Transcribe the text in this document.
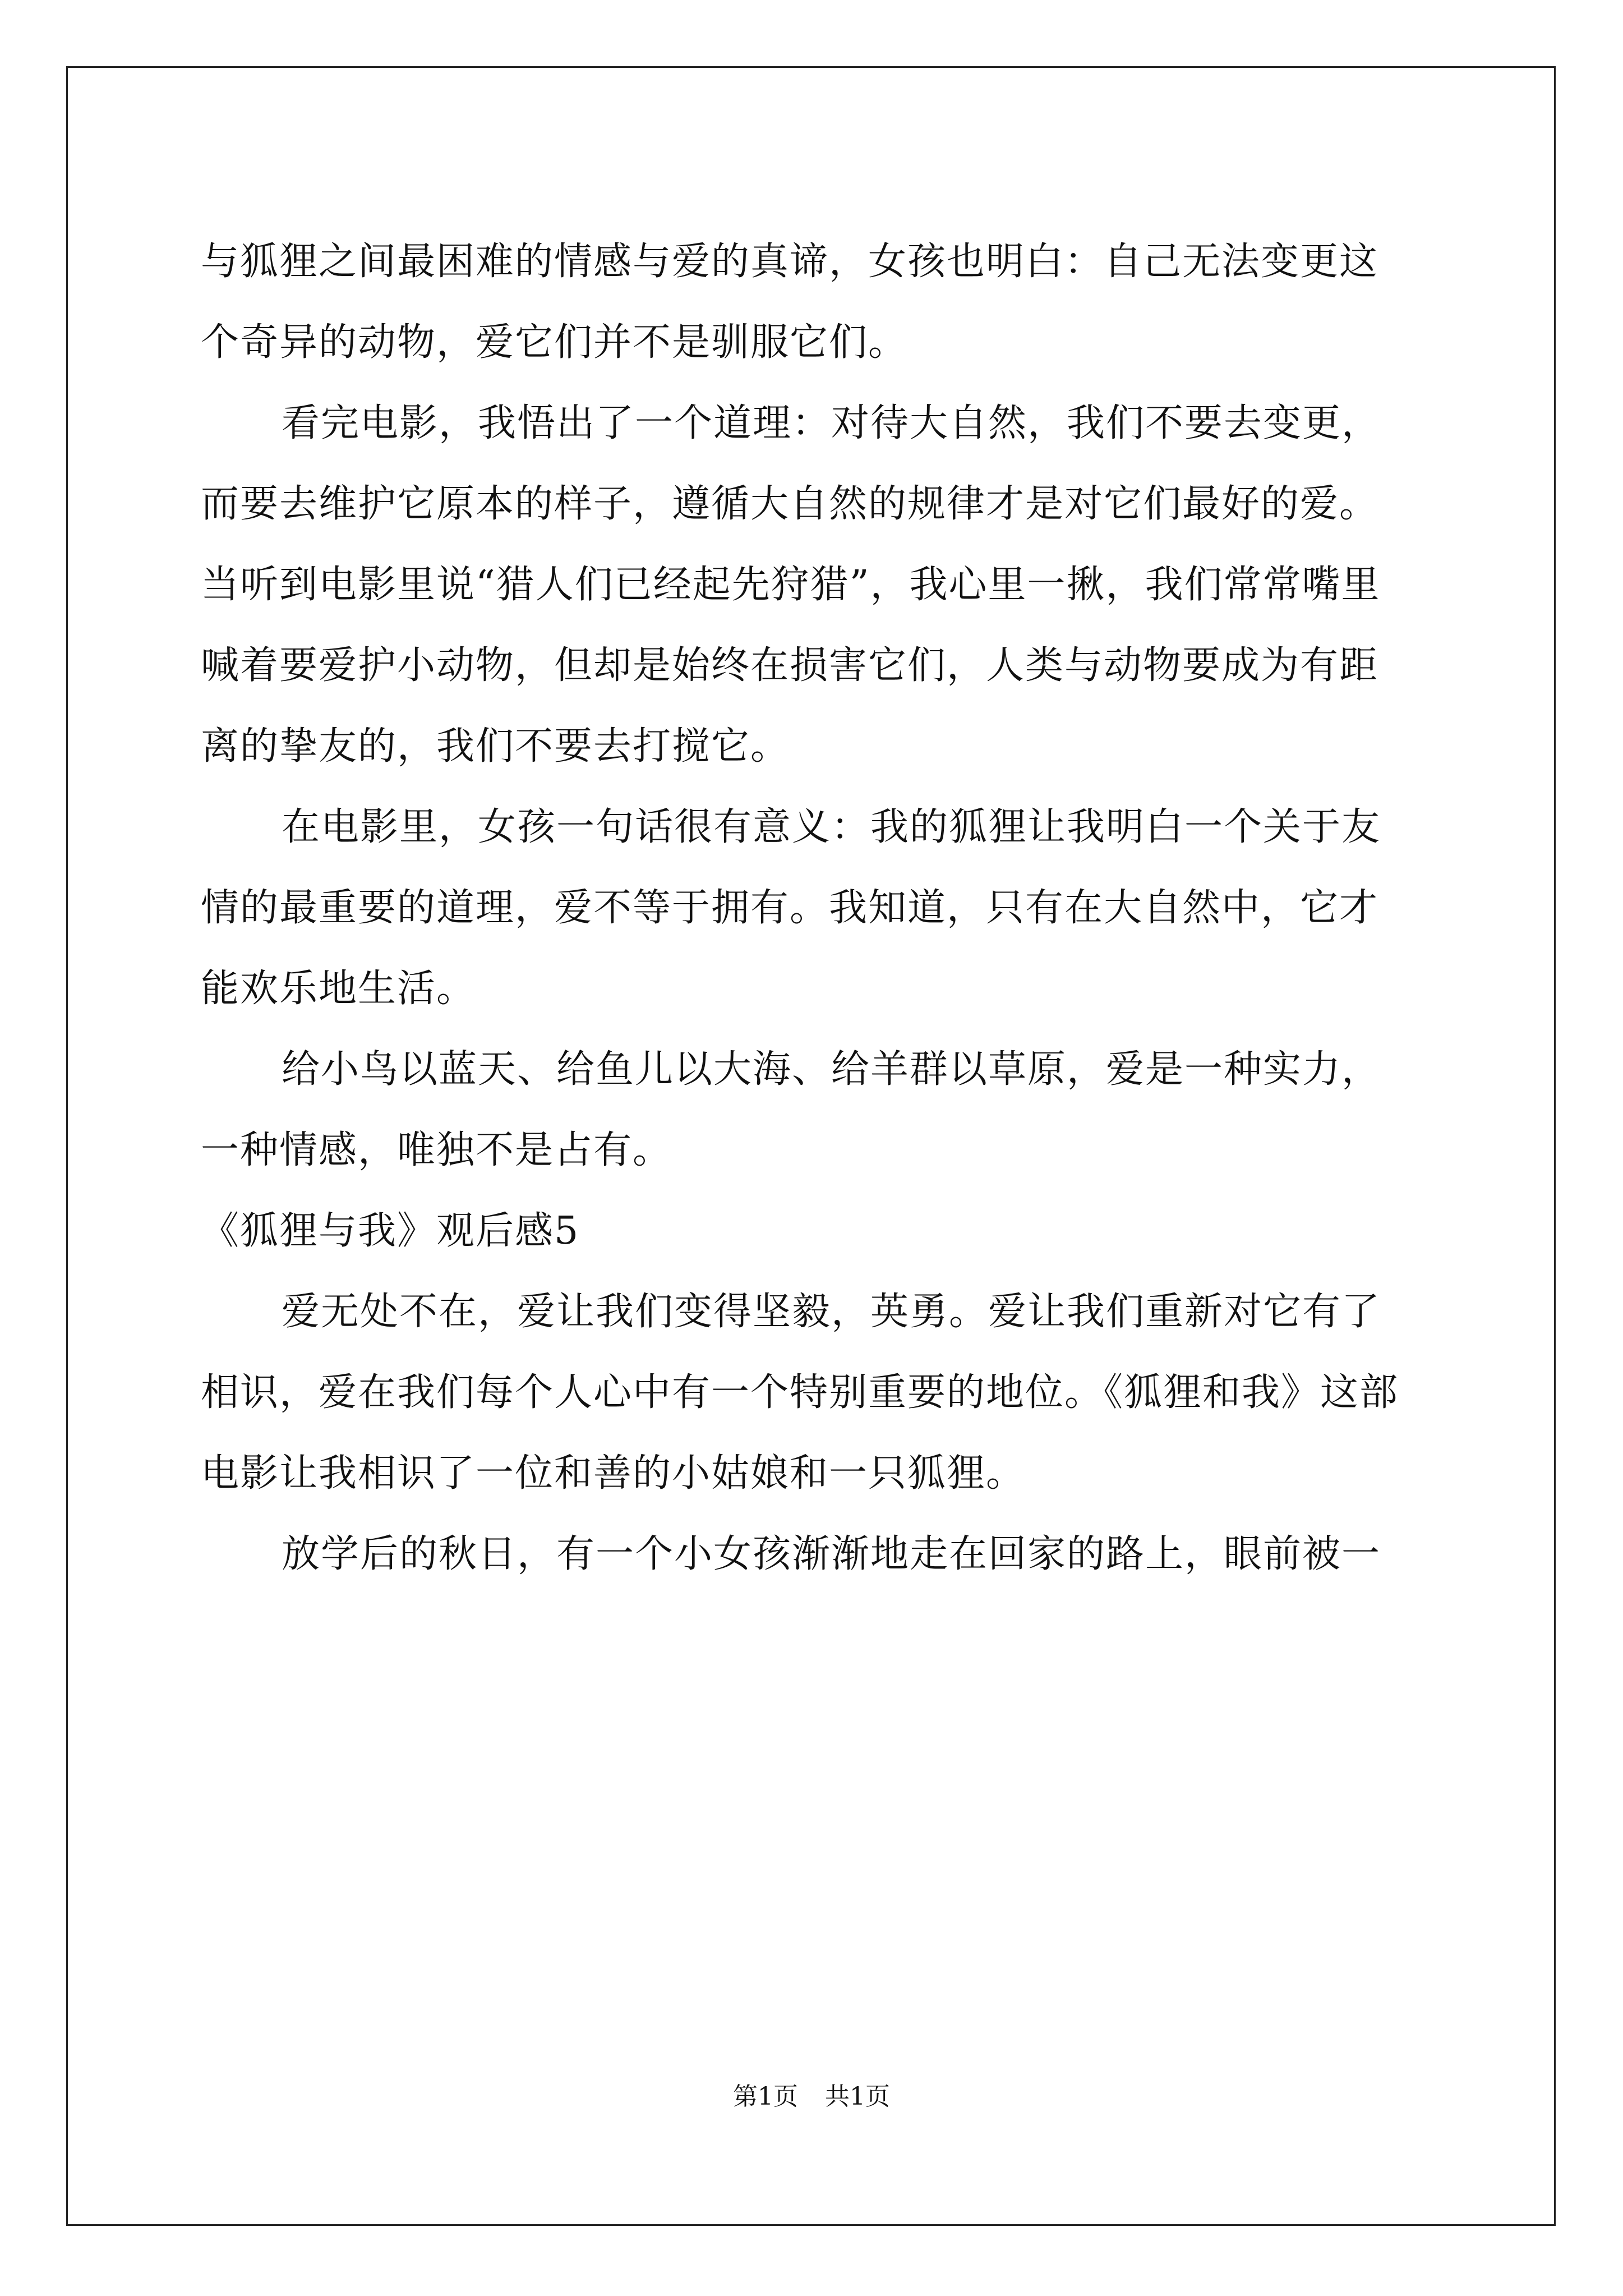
与狐狸之间最困难的情感与爱的真谛，女孩也明白：自己无法变更这
个奇异的动物，爱它们并不是驯服它们。
看完电影，我悟出了一个道理：对待大自然，我们不要去变更，
而要去维护它原本的样子，遵循大自然的规律才是对它们最好的爱。
当听到电影里说“猎人们已经起先狩猎”，我心里一揪，我们常常嘴里
喊着要爱护小动物，但却是始终在损害它们，人类与动物要成为有距
离的挚友的，我们不要去打搅它。
在电影里，女孩一句话很有意义：我的狐狸让我明白一个关于友
情的最重要的道理，爱不等于拥有。我知道，只有在大自然中，它才
能欢乐地生活。
给小鸟以蓝天、给鱼儿以大海、给羊群以草原，爱是一种实力，
一种情感，唯独不是占有。
《狐狸与我》观后感5
爱无处不在，爱让我们变得坚毅，英勇。爱让我们重新对它有了
相识，爱在我们每个人心中有一个特别重要的地位。《狐狸和我》这部
电影让我相识了一位和善的小姑娘和一只狐狸。
放学后的秋日，有一个小女孩渐渐地走在回家的路上，眼前被一
第1页 共1页
